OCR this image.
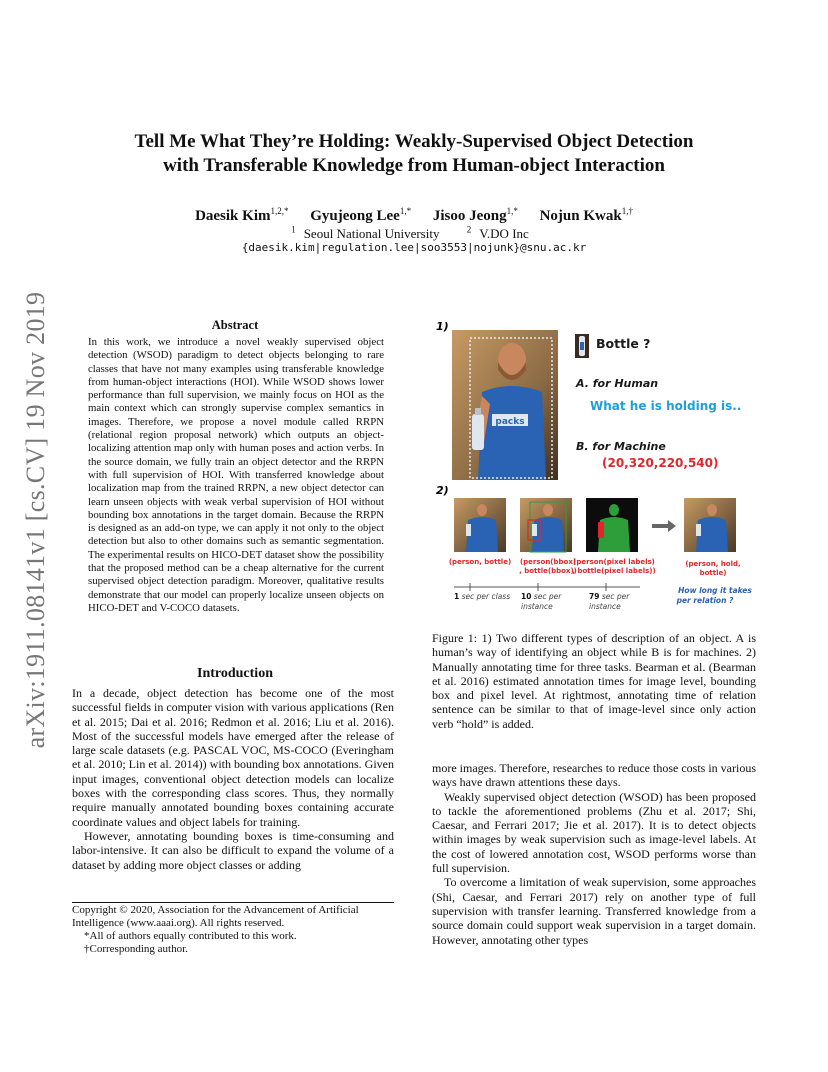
arXiv:1911.08141v1 [cs.CV] 19 Nov 2019
Tell Me What They’re Holding: Weakly-Supervised Object Detection
with Transferable Knowledge from Human-object Interaction
Daesik Kim$^{1,2,*}$ Gyujeong Lee$^{1,*}$ Jisoo Jeong$^{1,*}$ Nojun Kwak$^{1,\dagger}$
$^1$ Seoul National University	$^2$ V.DO Inc
{daesik.kim|regulation.lee|soo3553|nojunk}@snu.ac.kr
Abstract
In this work, we introduce a novel weakly supervised object detection (WSOD) paradigm to detect objects belonging to rare classes that have not many examples using transferable knowledge from human-object interactions (HOI). While WSOD shows lower performance than full supervision, we mainly focus on HOI as the main context which can strongly supervise complex semantics in images. Therefore, we propose a novel module called RRPN (relational region proposal network) which outputs an object-localizing attention map only with human poses and action verbs. In the source domain, we fully train an object detector and the RRPN with full supervision of HOI. With transferred knowledge about localization map from the trained RRPN, a new object detector can learn unseen objects with weak verbal supervision of HOI without bounding box annotations in the target domain. Because the RRPN is designed as an add-on type, we can apply it not only to the object detection but also to other domains such as semantic segmentation. The experimental results on HICO-DET dataset show the possibility that the proposed method can be a cheap alternative for the current supervised object detection paradigm. Moreover, qualitative results demonstrate that our model can properly localize unseen objects on HICO-DET and V-COCO datasets.
Introduction

In a decade, object detection has become one of the most successful fields in computer vision with various applications (Ren et al. 2015; Dai et al. 2016; Redmon et al. 2016; Liu et al. 2016). Most of the successful models have emerged after the release of large scale datasets (e.g. PASCAL VOC, MS-COCO (Everingham et al. 2010; Lin et al. 2014)) with bounding box annotations. Given input images, conventional object detection models can localize boxes with the corresponding class scores. Thus, they normally require manually annotated bounding boxes containing accurate coordinate values and object labels for training.

However, annotating bounding boxes is time-consuming and labor-intensive. It can also be difficult to expand the volume of a dataset by adding more object classes or adding

Copyright © 2020, Association for the Advancement of Artificial Intelligence (www.aaai.org). All rights reserved.
*All of authors equally contributed to this work.
†Corresponding author.
1)
packs
Bottle ?
A. for Human
What he is holding is..
B. for Machine
(20,320,220,540)
2)
(person, bottle) (person(bbox)
, bottle(bbox))
(person(pixel labels)
, bottle(pixel labels))
(person, hold,
bottle)
1 sec per class 10 sec per
instance
79 sec per
instance
How long it takes
per relation ?

Figure 1: 1) Two different types of description of an object. A is human’s way of identifying an object while B is for machines. 2) Manually annotating time for three tasks. Bearman et al. (Bearman et al. 2016) estimated annotation times for image level, bounding box and pixel level. At rightmost, annotating time of relation sentence can be similar to that of image-level since only action verb “hold” is added.

more images. Therefore, researches to reduce those costs in various ways have drawn attentions these days.

Weakly supervised object detection (WSOD) has been proposed to tackle the aforementioned problems (Zhu et al. 2017; Shi, Caesar, and Ferrari 2017; Jie et al. 2017). It is to detect objects within images by weak supervision such as image-level labels. At the cost of lowered annotation cost, WSOD performs worse than full supervision.

To overcome a limitation of weak supervision, some approaches (Shi, Caesar, and Ferrari 2017) rely on another type of full supervision with transfer learning. Transferred knowledge from a source domain could support weak supervision in a target domain. However, annotating other types
